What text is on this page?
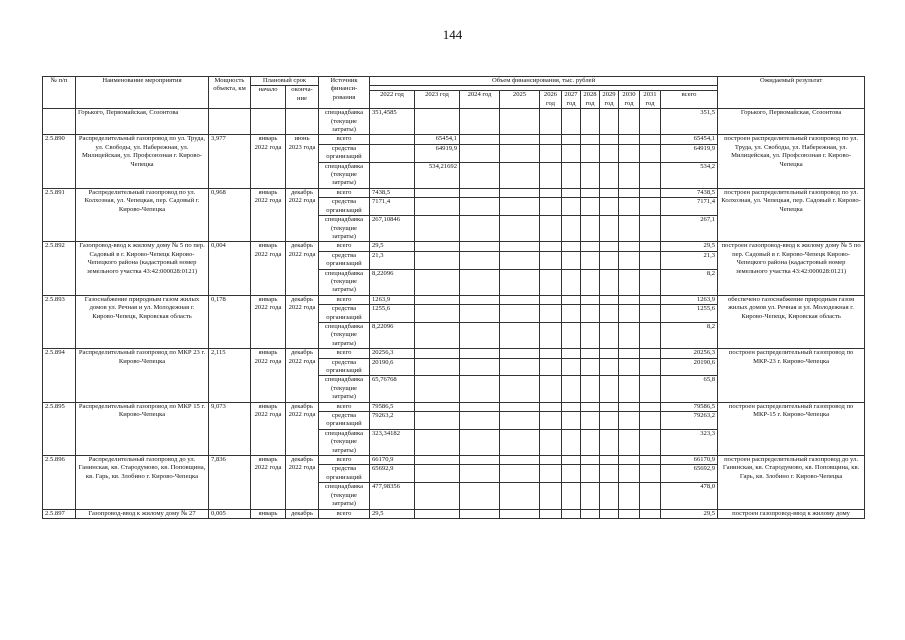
144
№ п/п	Наименование мероприятия	Мощность объекта, км	Плановый срок		Источник финанси-рования	Объем финансирования, тыс. рублей											Ожидаемый результат
			начало	оконча-ние													
						2022 год	2023 год	2024 год	2025	2026 год	2027 год	2028 год	2029 год	2030 год	2031 год	всего	
	Горького, Первомайская, Созонтова				спецнадбавка (текущие затраты)	351,4585										351,5	Горького, Первомайская, Созонтова
2.5.890	Распределительный газопровод по ул. Труда, ул. Свободы, ул. Набережная, ул. Милицейская, ул. Профсоюзная г. Кирово-Чепецка	3,977	январь 2022 года	июнь 2023 года	всего		65454,1									65454,1	построен распределительный газопровод по ул. Труда, ул. Свободы, ул. Набережная, ул. Милицейская, ул. Профсоюзная г. Кирово-Чепецка
					средства организаций		64919,9									64919,9	
					спецнадбавка (текущие затраты)		534,21692									534,2	
2.5.891	Распределительный газопровод по ул. Колхозная, ул. Чепецкая, пер. Садовый г. Кирово-Чепецка	0,968	январь 2022 года	декабрь 2022 года	всего	7438,5										7438,5	построен распределительный газопровод по ул. Колхозная, ул. Чепецкая, пер. Садовый г. Кирово-Чепецка
					средства организаций	7171,4										7171,4	
					спецнадбавка (текущие затраты)	267,10846										267,1	
2.5.892	Газопровод-ввод к жилому дому № 5 по пер. Садовый в г. Кирово-Чепецк Кирово-Чепецкого района (кадастровый номер земельного участка 43:42:000028:0121)	0,004	январь 2022 года	декабрь 2022 года	всего	29,5										29,5	построен газопровод-ввод к жилому дому № 5 по пер. Садовый в г. Кирово-Чепецк Кирово-Чепецкого района (кадастровый номер земельного участка 43:42:000028:0121)
					средства организаций	21,3										21,3	
					спецнадбавка (текущие затраты)	8,22096										8,2	
2.5.893	Газоснабжение природным газом жилых домов ул. Речная и ул. Молодежная г. Кирово-Чепецк, Кировская область	0,178	январь 2022 года	декабрь 2022 года	всего	1263,9										1263,9	обеспечено газоснабжение природным газом жилых домов ул. Речная и ул. Молодежная г. Кирово-Чепецк, Кировская область
					средства организаций	1255,6										1255,6	
					спецнадбавка (текущие затраты)	8,22096										8,2	
2.5.894	Распределительный газопровод по МКР 23 г. Кирово-Чепецка	2,115	январь 2022 года	декабрь 2022 года	всего	20256,3										20256,3	построен распределительный газопровод по МКР-23 г. Кирово-Чепецка
					средства организаций	20190,6										20190,6	
					спецнадбавка (текущие затраты)	65,76768										65,8	
2.5.895	Распределительный газопровод по МКР 15 г. Кирово-Чепецка	9,073	январь 2022 года	декабрь 2022 года	всего	79586,5										79586,5	построен распределительный газопровод по МКР-15 г. Кирово-Чепецка
					средства организаций	79263,2										79263,2	
					спецнадбавка (текущие затраты)	323,34182										323,3	
2.5.896	Распределительный газопровод до ул. Ганинская, кв. Стародумово, кв. Поповщина, кв. Гарь, кв. Злобино г. Кирово-Чепецка	7,836	январь 2022 года	декабрь 2022 года	всего	66170,9										66170,9	построен распределительный газопровод до ул. Ганинская, кв. Стародумово, кв. Поповщина, кв. Гарь, кв. Злобино г. Кирово-Чепецка
					средства организаций	65692,9										65692,9	
					спецнадбавка (текущие затраты)	477,98356										478,0	
2.5.897	Газопровод-ввод к жилому дому № 27	0,005	январь	декабрь	всего	29,5										29,5	построен газопровод-ввод к жилому дому
